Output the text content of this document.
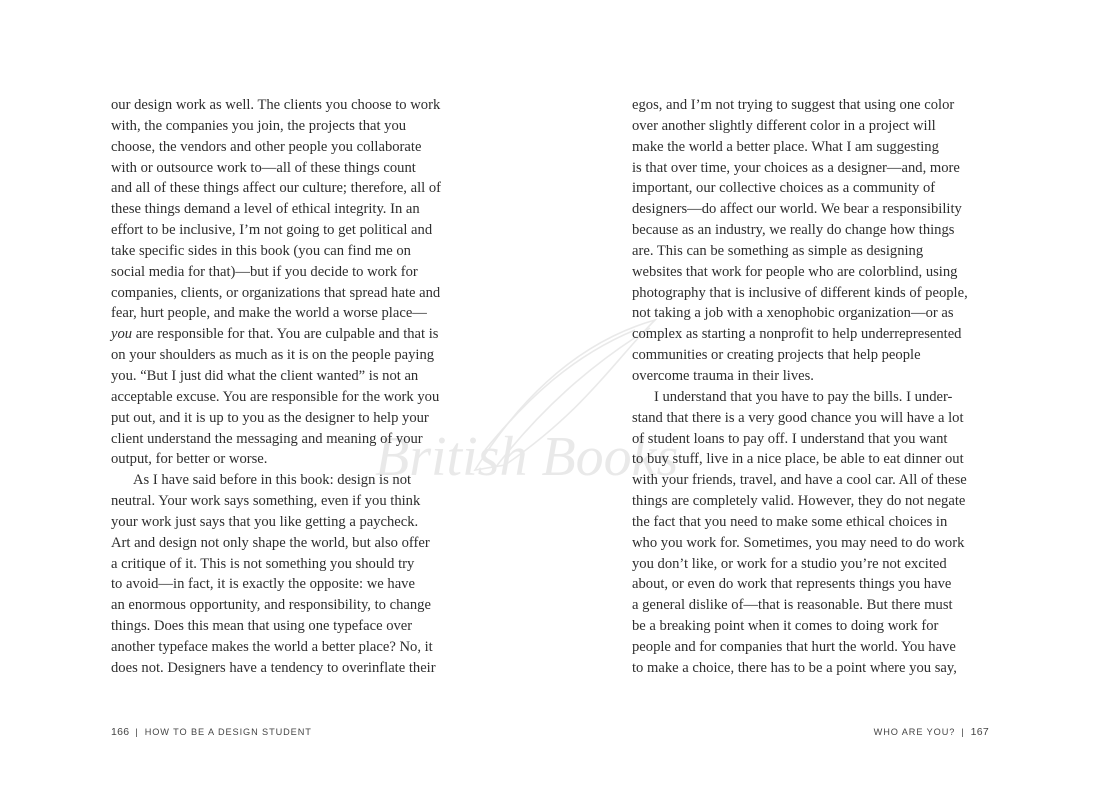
British Books
our design work as well. The clients you choose to work
with, the companies you join, the projects that you
choose, the vendors and other people you collaborate
with or outsource work to—all of these things count
and all of these things affect our culture; therefore, all of
these things demand a level of ethical integrity. In an
effort to be inclusive, I’m not going to get political and
take specific sides in this book (you can find me on
social media for that)—but if you decide to work for
companies, clients, or organizations that spread hate and
fear, hurt people, and make the world a worse place—
you are responsible for that. You are culpable and that is
on your shoulders as much as it is on the people paying
you. “But I just did what the client wanted” is not an
acceptable excuse. You are responsible for the work you
put out, and it is up to you as the designer to help your
client understand the messaging and meaning of your
output, for better or worse.
As I have said before in this book: design is not
neutral. Your work says something, even if you think
your work just says that you like getting a paycheck.
Art and design not only shape the world, but also offer
a critique of it. This is not something you should try
to avoid—in fact, it is exactly the opposite: we have
an enormous opportunity, and responsibility, to change
things. Does this mean that using one typeface over
another typeface makes the world a better place? No, it
does not. Designers have a tendency to overinflate their
egos, and I’m not trying to suggest that using one color
over another slightly different color in a project will
make the world a better place. What I am suggesting
is that over time, your choices as a designer—and, more
important, our collective choices as a community of
designers—do affect our world. We bear a responsibility
because as an industry, we really do change how things
are. This can be something as simple as designing
websites that work for people who are colorblind, using
photography that is inclusive of different kinds of people,
not taking a job with a xenophobic organization—or as
complex as starting a nonprofit to help underrepresented
communities or creating projects that help people
overcome trauma in their lives.
I understand that you have to pay the bills. I under-
stand that there is a very good chance you will have a lot
of student loans to pay off. I understand that you want
to buy stuff, live in a nice place, be able to eat dinner out
with your friends, travel, and have a cool car. All of these
things are completely valid. However, they do not negate
the fact that you need to make some ethical choices in
who you work for. Sometimes, you may need to do work
you don’t like, or work for a studio you’re not excited
about, or even do work that represents things you have
a general dislike of—that is reasonable. But there must
be a breaking point when it comes to doing work for
people and for companies that hurt the world. You have
to make a choice, there has to be a point where you say,
166 | HOW TO BE A DESIGN STUDENT	WHO ARE YOU? | 167
